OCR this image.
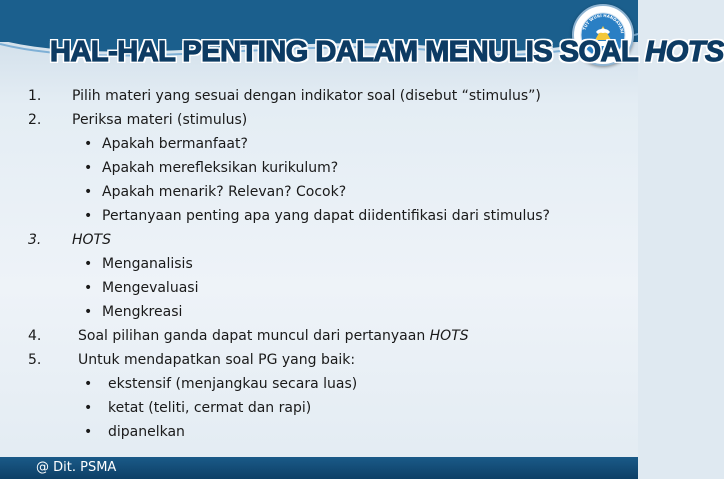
TUT WURI HANDAYANI
HAL-HAL PENTING DALAM MENULIS SOAL HOTS
1. Pilih materi yang sesuai dengan indikator soal (disebut “stimulus”)
2. Periksa materi (stimulus)
• Apakah bermanfaat?
• Apakah merefleksikan kurikulum?
• Apakah menarik? Relevan? Cocok?
• Pertanyaan penting apa yang dapat diidentifikasi dari stimulus?
3. HOTS
• Menganalisis
• Mengevaluasi
• Mengkreasi
4.	Soal pilihan ganda dapat muncul dari pertanyaan HOTS
5.	Untuk mendapatkan soal PG yang baik:
• ekstensif (menjangkau secara luas)
• ketat (teliti, cermat dan rapi)
• dipanelkan
@ Dit. PSMA
